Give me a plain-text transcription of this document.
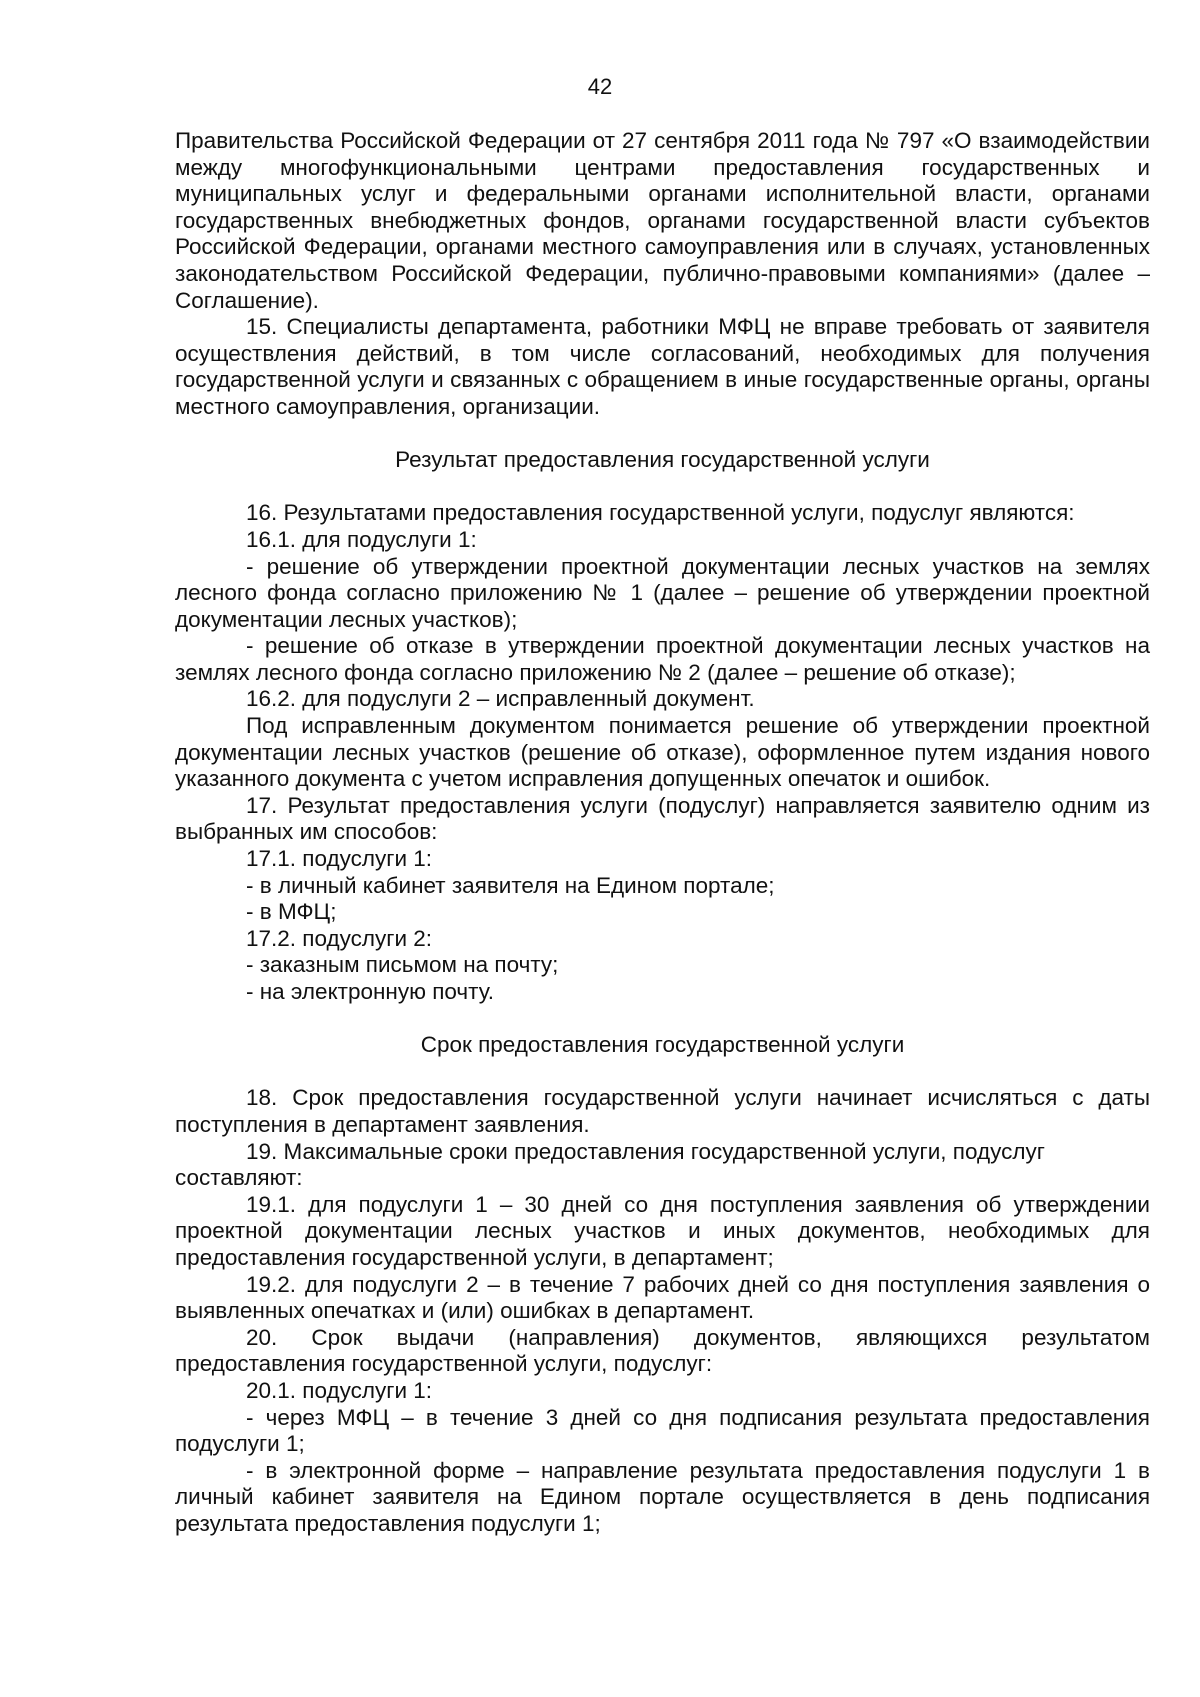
42

Правительства Российской Федерации от 27 сентября 2011 года № 797 «О взаимодействии между многофункциональными центрами предоставления государственных и муниципальных услуг и федеральными органами исполнительной власти, органами государственных внебюджетных фондов, органами государственной власти субъектов Российской Федерации, органами местного самоуправления или в случаях, установленных законодательством Российской Федерации, публично-правовыми компаниями» (далее – Соглашение).

15. Специалисты департамента, работники МФЦ не вправе требовать от заявителя осуществления действий, в том числе согласований, необходимых для получения государственной услуги и связанных с обращением в иные государственные органы, органы местного самоуправления, организации.

Результат предоставления государственной услуги

16. Результатами предоставления государственной услуги, подуслуг являются:

16.1. для подуслуги 1:

- решение об утверждении проектной документации лесных участков на землях лесного фонда согласно приложению № 1 (далее – решение об утверждении проектной документации лесных участков);

- решение об отказе в утверждении проектной документации лесных участков на землях лесного фонда согласно приложению № 2 (далее – решение об отказе);

16.2. для подуслуги 2 – исправленный документ.

Под исправленным документом понимается решение об утверждении проектной документации лесных участков (решение об отказе), оформленное путем издания нового указанного документа с учетом исправления допущенных опечаток и ошибок.

17. Результат предоставления услуги (подуслуг) направляется заявителю одним из выбранных им способов:

17.1. подуслуги 1:

- в личный кабинет заявителя на Едином портале;

- в МФЦ;

17.2. подуслуги 2:

- заказным письмом на почту;

- на электронную почту.

Срок предоставления государственной услуги

18. Срок предоставления государственной услуги начинает исчисляться с даты поступления в департамент заявления.

19. Максимальные сроки предоставления государственной услуги, подуслуг составляют:

19.1. для подуслуги 1 – 30 дней со дня поступления заявления об утверждении проектной документации лесных участков и иных документов, необходимых для предоставления государственной услуги, в департамент;

19.2. для подуслуги 2 – в течение 7 рабочих дней со дня поступления заявления о выявленных опечатках и (или) ошибках в департамент.

20. Срок выдачи (направления) документов, являющихся результатом предоставления государственной услуги, подуслуг:

20.1. подуслуги 1:

- через МФЦ – в течение 3 дней со дня подписания результата предоставления подуслуги 1;

- в электронной форме – направление результата предоставления подуслуги 1 в личный кабинет заявителя на Едином портале осуществляется в день подписания результата предоставления подуслуги 1;
